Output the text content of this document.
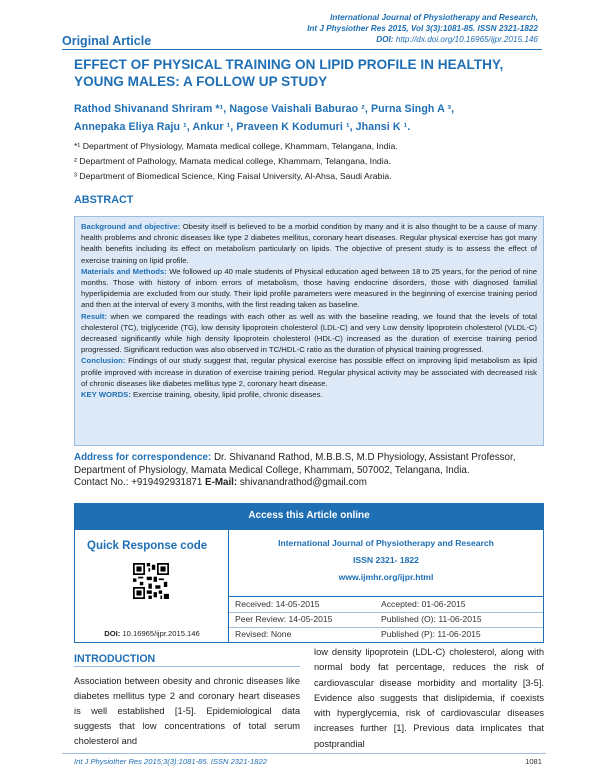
International Journal of Physiotherapy and Research,
Int J Physiother Res 2015, Vol 3(3):1081-85. ISSN 2321-1822
DOI: http://dx.doi.org/10.16965/ijpr.2015.146
Original Article
EFFECT OF PHYSICAL TRAINING ON LIPID PROFILE IN HEALTHY, YOUNG MALES: A FOLLOW UP STUDY
Rathod Shivanand Shriram *¹, Nagose Vaishali Baburao ², Purna Singh A ³,
Annepaka Eliya Raju ¹, Ankur ¹, Praveen K Kodumuri ¹, Jhansi K ¹.
*¹ Department of Physiology, Mamata medical college, Khammam, Telangana, India.
² Department of Pathology, Mamata medical college, Khammam, Telangana, India.
³ Department of Biomedical Science, King Faisal University, Al-Ahsa, Saudi Arabia.
ABSTRACT

Background and objective: Obesity itself is believed to be a morbid condition by many and it is also thought to be a cause of many health problems and chronic diseases like type 2 diabetes mellitus, coronary heart diseases. Regular physical exercise has got many health benefits including its effect on metabolism particularly on lipids. The objective of present study is to assess the effect of exercise training on lipid profile.

Materials and Methods: We followed up 40 male students of Physical education aged between 18 to 25 years, for the period of nine months. Those with history of inborn errors of metabolism, those having endocrine disorders, those with diagnosed familial hyperlipidemia are excluded from our study. Their lipid profile parameters were measured in the beginning of exercise training period and then at the interval of every 3 months, with the first reading taken as baseline.

Result: when we compared the readings with each other as well as with the baseline reading, we found that the levels of total cholesterol (TC), triglyceride (TG), low density lipoprotein cholesterol (LDL-C) and very Low density lipoprotein cholesterol (VLDL-C) decreased significantly while high density lipoprotein cholesterol (HDL-C) increased as the duration of exercise training period progressed. Significant reduction was also observed in TC/HDL-C ratio as the duration of physical training progressed.

Conclusion: Findings of our study suggest that, regular physical exercise has possible effect on improving lipid metabolism as lipid profile improved with increase in duration of exercise training period. Regular physical activity may be associated with decreased risk of chronic diseases like diabetes mellitus type 2, coronary heart disease.

KEY WORDS: Exercise training, obesity, lipid profile, chronic diseases.

Address for correspondence: Dr. Shivanand Rathod, M.B.B.S, M.D Physiology, Assistant Professor, Department of Physiology, Mamata Medical College, Khammam, 507002, Telangana, India.
Contact No.: +919492931871 E-Mail: shivanandrathod@gmail.com
Access this Article online
Quick Response code
DOI: 10.16965/ijpr.2015.146
International Journal of Physiotherapy and Research
ISSN 2321- 1822
www.ijmhr.org/ijpr.html
Received: 14-05-2015	Accepted: 01-06-2015
Peer Review: 14-05-2015	Published (O): 11-06-2015
Revised: None	Published (P): 11-06-2015
INTRODUCTION
Association between obesity and chronic diseases like diabetes mellitus type 2 and coronary heart diseases is well established [1-5]. Epidemiological data suggests that low concentrations of total serum cholesterol and
low density lipoprotein (LDL-C) cholesterol, along with normal body fat percentage, reduces the risk of cardiovascular disease morbidity and mortality [3-5]. Evidence also suggests that dislipidemia, if coexists with hyperglycemia, risk of cardiovascular diseases increases further [1]. Previous data implicates that postprandial
Int J Physiother Res 2015;3(3):1081-85. ISSN 2321-1822	1081
